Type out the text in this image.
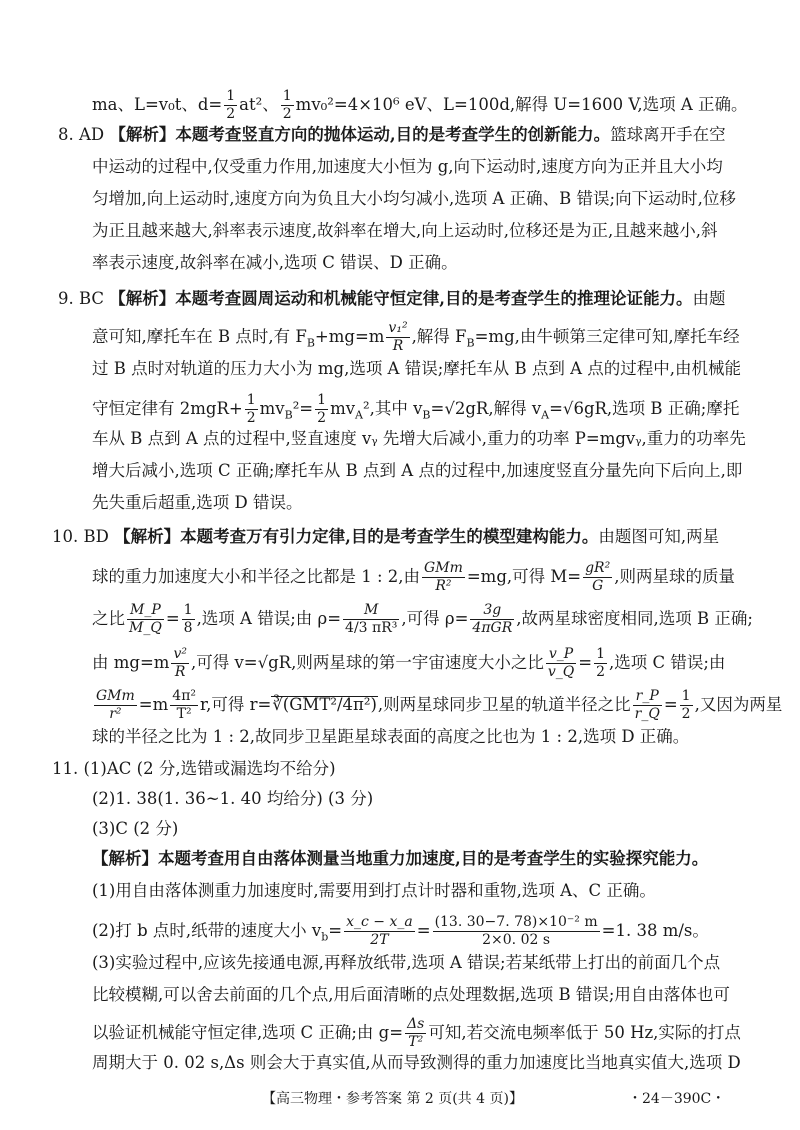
ma、L=v₀t、$d= \frac{1}{2} at^2$、 $\frac{1}{2} mv_0^2=4\times 10^6$ eV、L=100d,解得 U=1600 V,选项 A 正确。
8. AD 【解析】本题考查竖直方向的抛体运动,目的是考查学生的创新能力。篮球离开手在空
中运动的过程中,仅受重力作用,加速度大小恒为 g,向下运动时,速度方向为正并且大小均
匀增加,向上运动时,速度方向为负且大小均匀减小,选项 A 正确、B 错误;向下运动时,位移
为正且越来越大,斜率表示速度,故斜率在增大,向上运动时,位移还是为正,且越来越小,斜
率表示速度,故斜率在减小,选项 C 错误、D 正确。
9. BC 【解析】本题考查圆周运动和机械能守恒定律,目的是考查学生的推理论证能力。由题
意可知,摩托车在 B 点时,有 $F_B+mg=m \frac{\text{v₁²}}{R}$ ,解得 $F_B=mg$,由牛顿第三定律可知,摩托车经
过 B 点时对轨道的压力大小为 mg,选项 A 错误;摩托车从 B 点到 A 点的过程中,由机械能
守恒定律有 $2mgR+ \frac{1}{2} mv_B^2= \frac{1}{2} mv_A^2$,其中 $v_B=√2gR$,解得 $v_A=√6gR$,选项 B 正确;摩托
车从 B 点到 A 点的过程中,竖直速度 vᵧ 先增大后减小,重力的功率 P=mgvᵧ,重力的功率先
增大后减小,选项 C 正确;摩托车从 B 点到 A 点的过程中,加速度竖直分量先向下后向上,即
先失重后超重,选项 D 错误。
10. BD 【解析】本题考查万有引力定律,目的是考查学生的模型建构能力。由题图可知,两星
球的重力加速度大小和半径之比都是 1 : 2,由 $\frac{\text{GMm}}{\text{R²}} =mg$,可得 $M= \frac{\text{gR²}}{G}$ ,则两星球的质量
之比 $\frac{M\_P}{M\_Q} = \frac{1}{8}$ ,选项 A 错误;由 $\rho= \frac{M}{\text{4/3 πR³}}$ ,可得 $\rho= \frac{3g}{\text{4πGR}}$ ,故两星球密度相同,选项 B 正确;
由 $mg=m \frac{\text{v²}}{R}$ ,可得 v=√gR,则两星球的第一宇宙速度大小之比 $\frac{v\_P}{v\_Q} = \frac{1}{2}$ ,选项 C 错误;由
$\frac{\text{GMm}}{\text{r²}} =m \frac{\text{4π²}}{\text{T²}} r$,可得 r=∛(GMT²/4π²),则两星球同步卫星的轨道半径之比 $\frac{r\_P}{r\_Q} = \frac{1}{2}$ ,又因为两星
球的半径之比为 1 : 2,故同步卫星距星球表面的高度之比也为 1 : 2,选项 D 正确。
11. (1)AC (2 分,选错或漏选均不给分)
(2)1. 38(1. 36~1. 40 均给分) (3 分)
(3)C (2 分)
【解析】本题考查用自由落体测量当地重力加速度,目的是考查学生的实验探究能力。
(1)用自由落体测重力加速度时,需要用到打点计时器和重物,选项 A、C 正确。
(2)打 b 点时,纸带的速度大小 $v_b= \frac{x\_c - x\_a}{2T} = \frac{\text{(13. 30−7. 78)×10⁻² m}}{2\times 0. 02 s} =1$. 38 m/s。
(3)实验过程中,应该先接通电源,再释放纸带,选项 A 错误;若某纸带上打出的前面几个点
比较模糊,可以舍去前面的几个点,用后面清晰的点处理数据,选项 B 错误;用自由落体也可
以验证机械能守恒定律,选项 C 正确;由 $g= \frac{\Delta s}{\text{T²}}$ 可知,若交流电频率低于 50 Hz,实际的打点
周期大于 0. 02 s,Δs 则会大于真实值,从而导致测得的重力加速度比当地真实值大,选项 D
【高三物理・参考答案 第 2 页(共 4 页)】	・24－390C・
